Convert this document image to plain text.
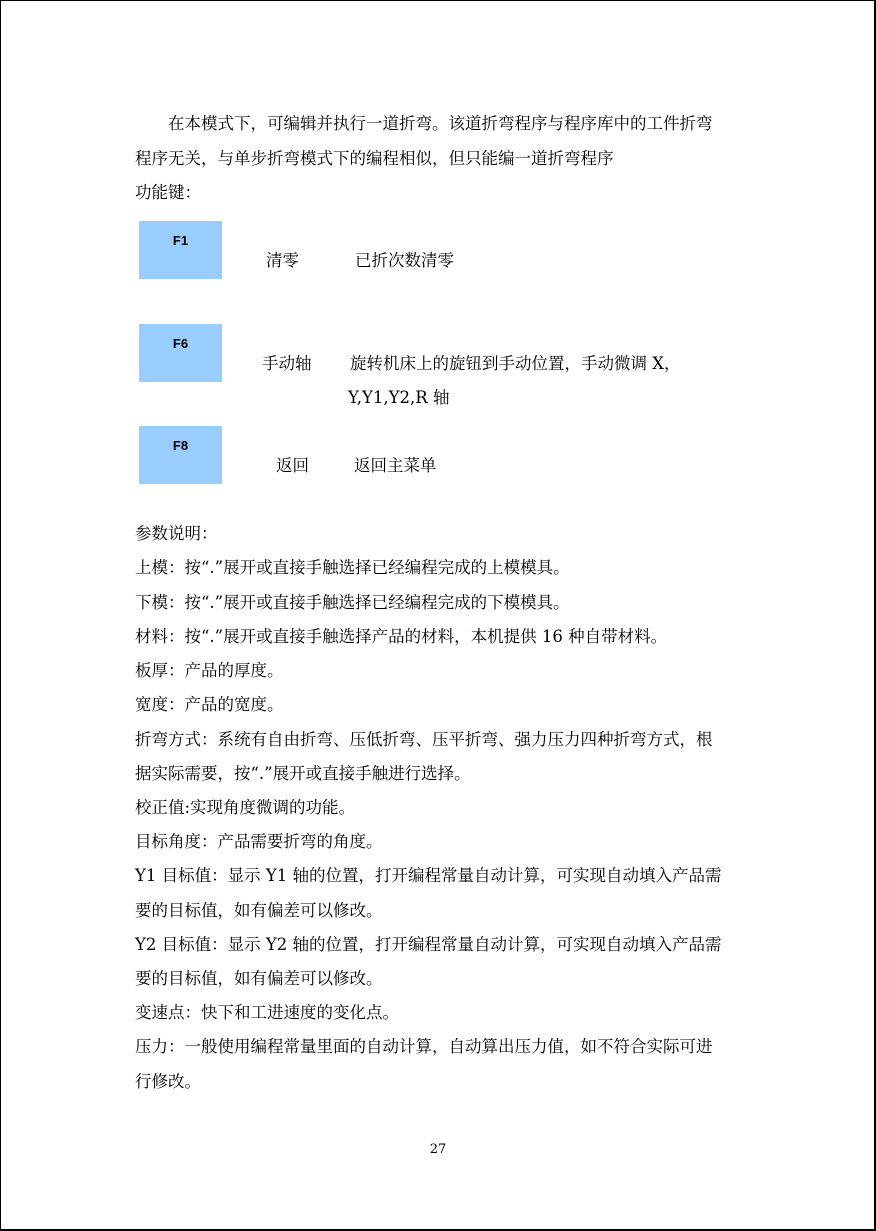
在本模式下，可编辑并执行一道折弯。该道折弯程序与程序库中的工件折弯
程序无关，与单步折弯模式下的编程相似，但只能编一道折弯程序
功能键：
F1
清零	已折次数清零
F6
手动轴 旋转机床上的旋钮到手动位置，手动微调 X，
Y,Y1,Y2,R 轴
F8
返回	返回主菜单
参数说明：
上模：按“.”展开或直接手触选择已经编程完成的上模模具。
下模：按“.”展开或直接手触选择已经编程完成的下模模具。
材料：按“.”展开或直接手触选择产品的材料，本机提供 16 种自带材料。
板厚：产品的厚度。
宽度：产品的宽度。
折弯方式：系统有自由折弯、压低折弯、压平折弯、强力压力四种折弯方式，根
据实际需要，按“.”展开或直接手触进行选择。
校正值:实现角度微调的功能。
目标角度：产品需要折弯的角度。
Y1 目标值：显示 Y1 轴的位置，打开编程常量自动计算，可实现自动填入产品需
要的目标值，如有偏差可以修改。
Y2 目标值：显示 Y2 轴的位置，打开编程常量自动计算，可实现自动填入产品需
要的目标值，如有偏差可以修改。
变速点：快下和工进速度的变化点。
压力：一般使用编程常量里面的自动计算，自动算出压力值，如不符合实际可进
行修改。
27
